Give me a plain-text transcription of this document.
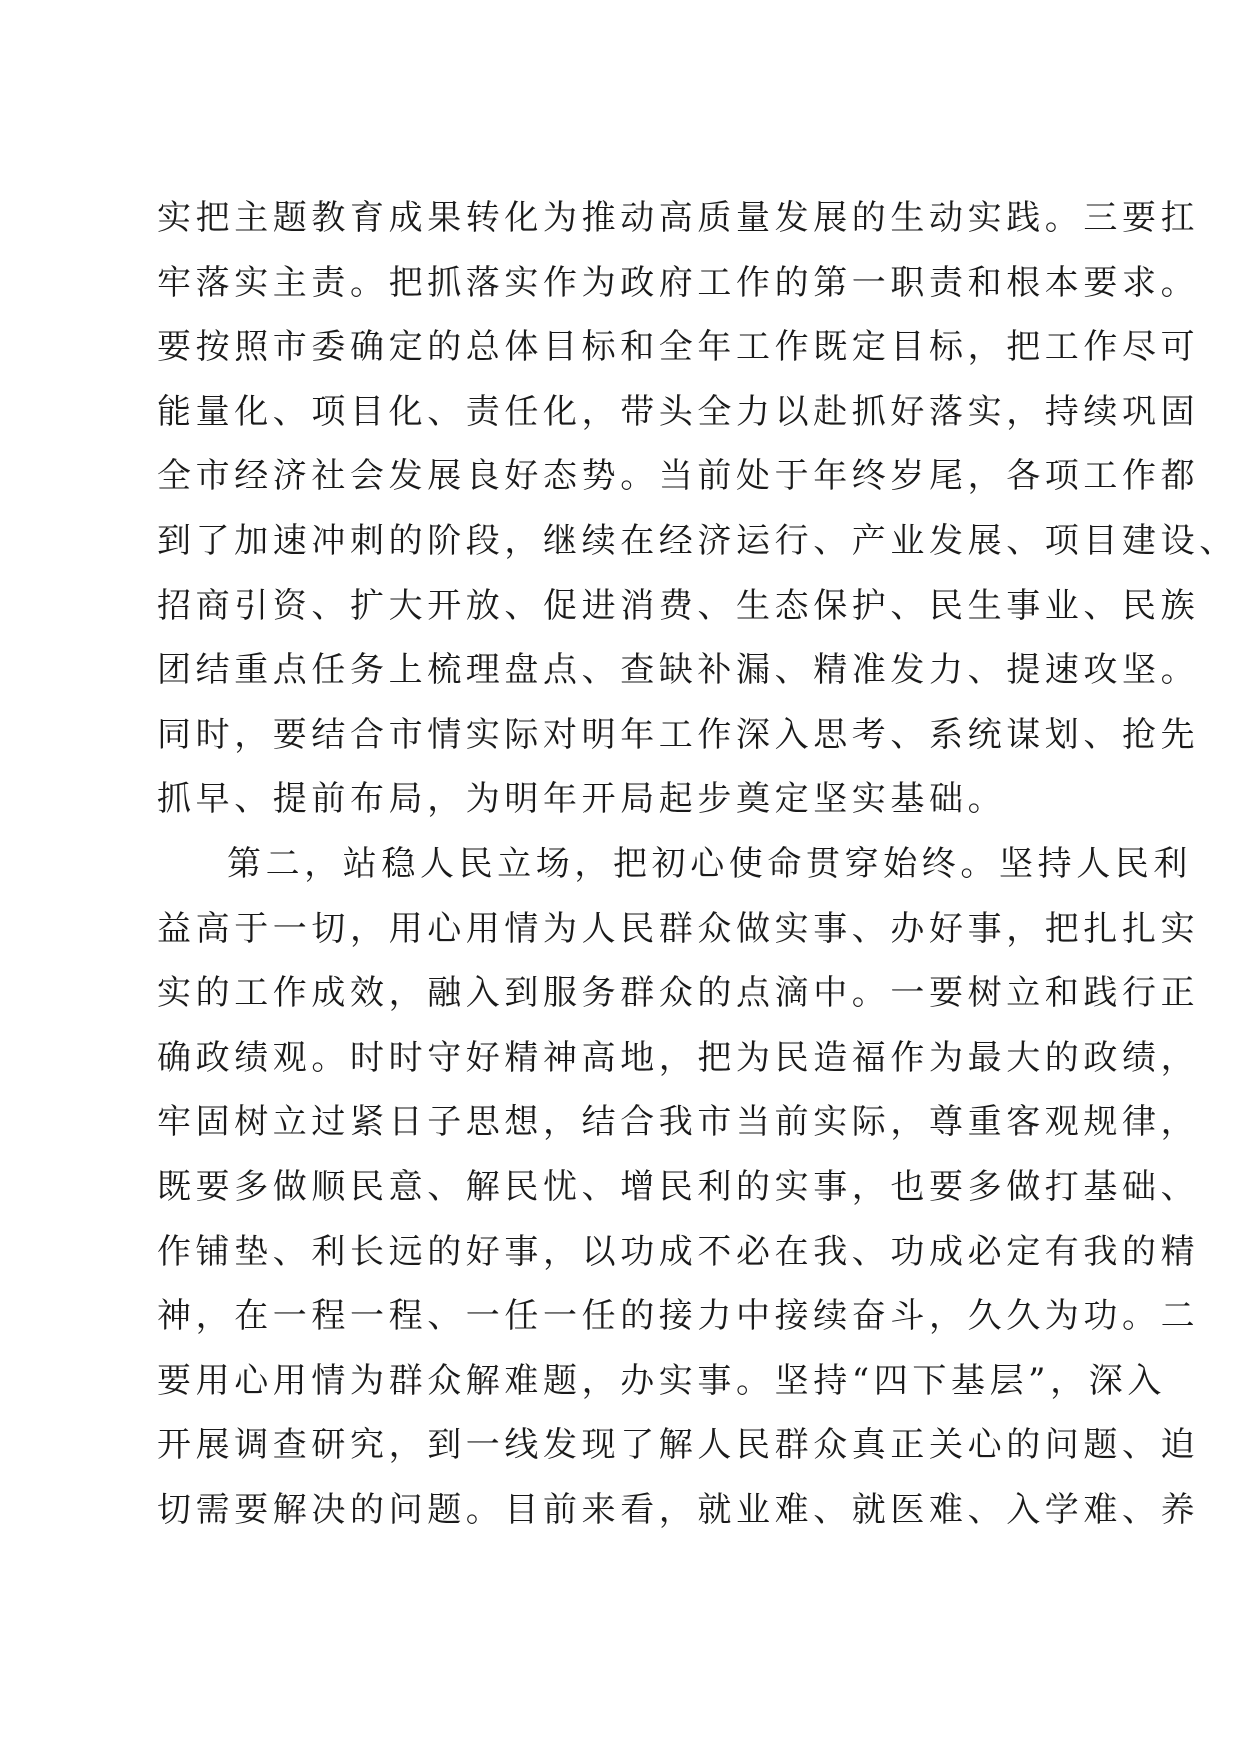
实把主题教育成果转化为推动高质量发展的生动实践。三要扛
牢落实主责。把抓落实作为政府工作的第一职责和根本要求。
要按照市委确定的总体目标和全年工作既定目标，把工作尽可
能量化、项目化、责任化，带头全力以赴抓好落实，持续巩固
全市经济社会发展良好态势。当前处于年终岁尾，各项工作都
到了加速冲刺的阶段，继续在经济运行、产业发展、项目建设、
招商引资、扩大开放、促进消费、生态保护、民生事业、民族
团结重点任务上梳理盘点、查缺补漏、精准发力、提速攻坚。
同时，要结合市情实际对明年工作深入思考、系统谋划、抢先
抓早、提前布局，为明年开局起步奠定坚实基础。
第二，站稳人民立场，把初心使命贯穿始终。坚持人民利
益高于一切，用心用情为人民群众做实事、办好事，把扎扎实
实的工作成效，融入到服务群众的点滴中。一要树立和践行正
确政绩观。时时守好精神高地，把为民造福作为最大的政绩，
牢固树立过紧日子思想，结合我市当前实际，尊重客观规律，
既要多做顺民意、解民忧、增民利的实事，也要多做打基础、
作铺垫、利长远的好事，以功成不必在我、功成必定有我的精
神，在一程一程、一任一任的接力中接续奋斗，久久为功。二
要用心用情为群众解难题，办实事。坚持“四下基层”，深入
开展调查研究，到一线发现了解人民群众真正关心的问题、迫
切需要解决的问题。目前来看，就业难、就医难、入学难、养
